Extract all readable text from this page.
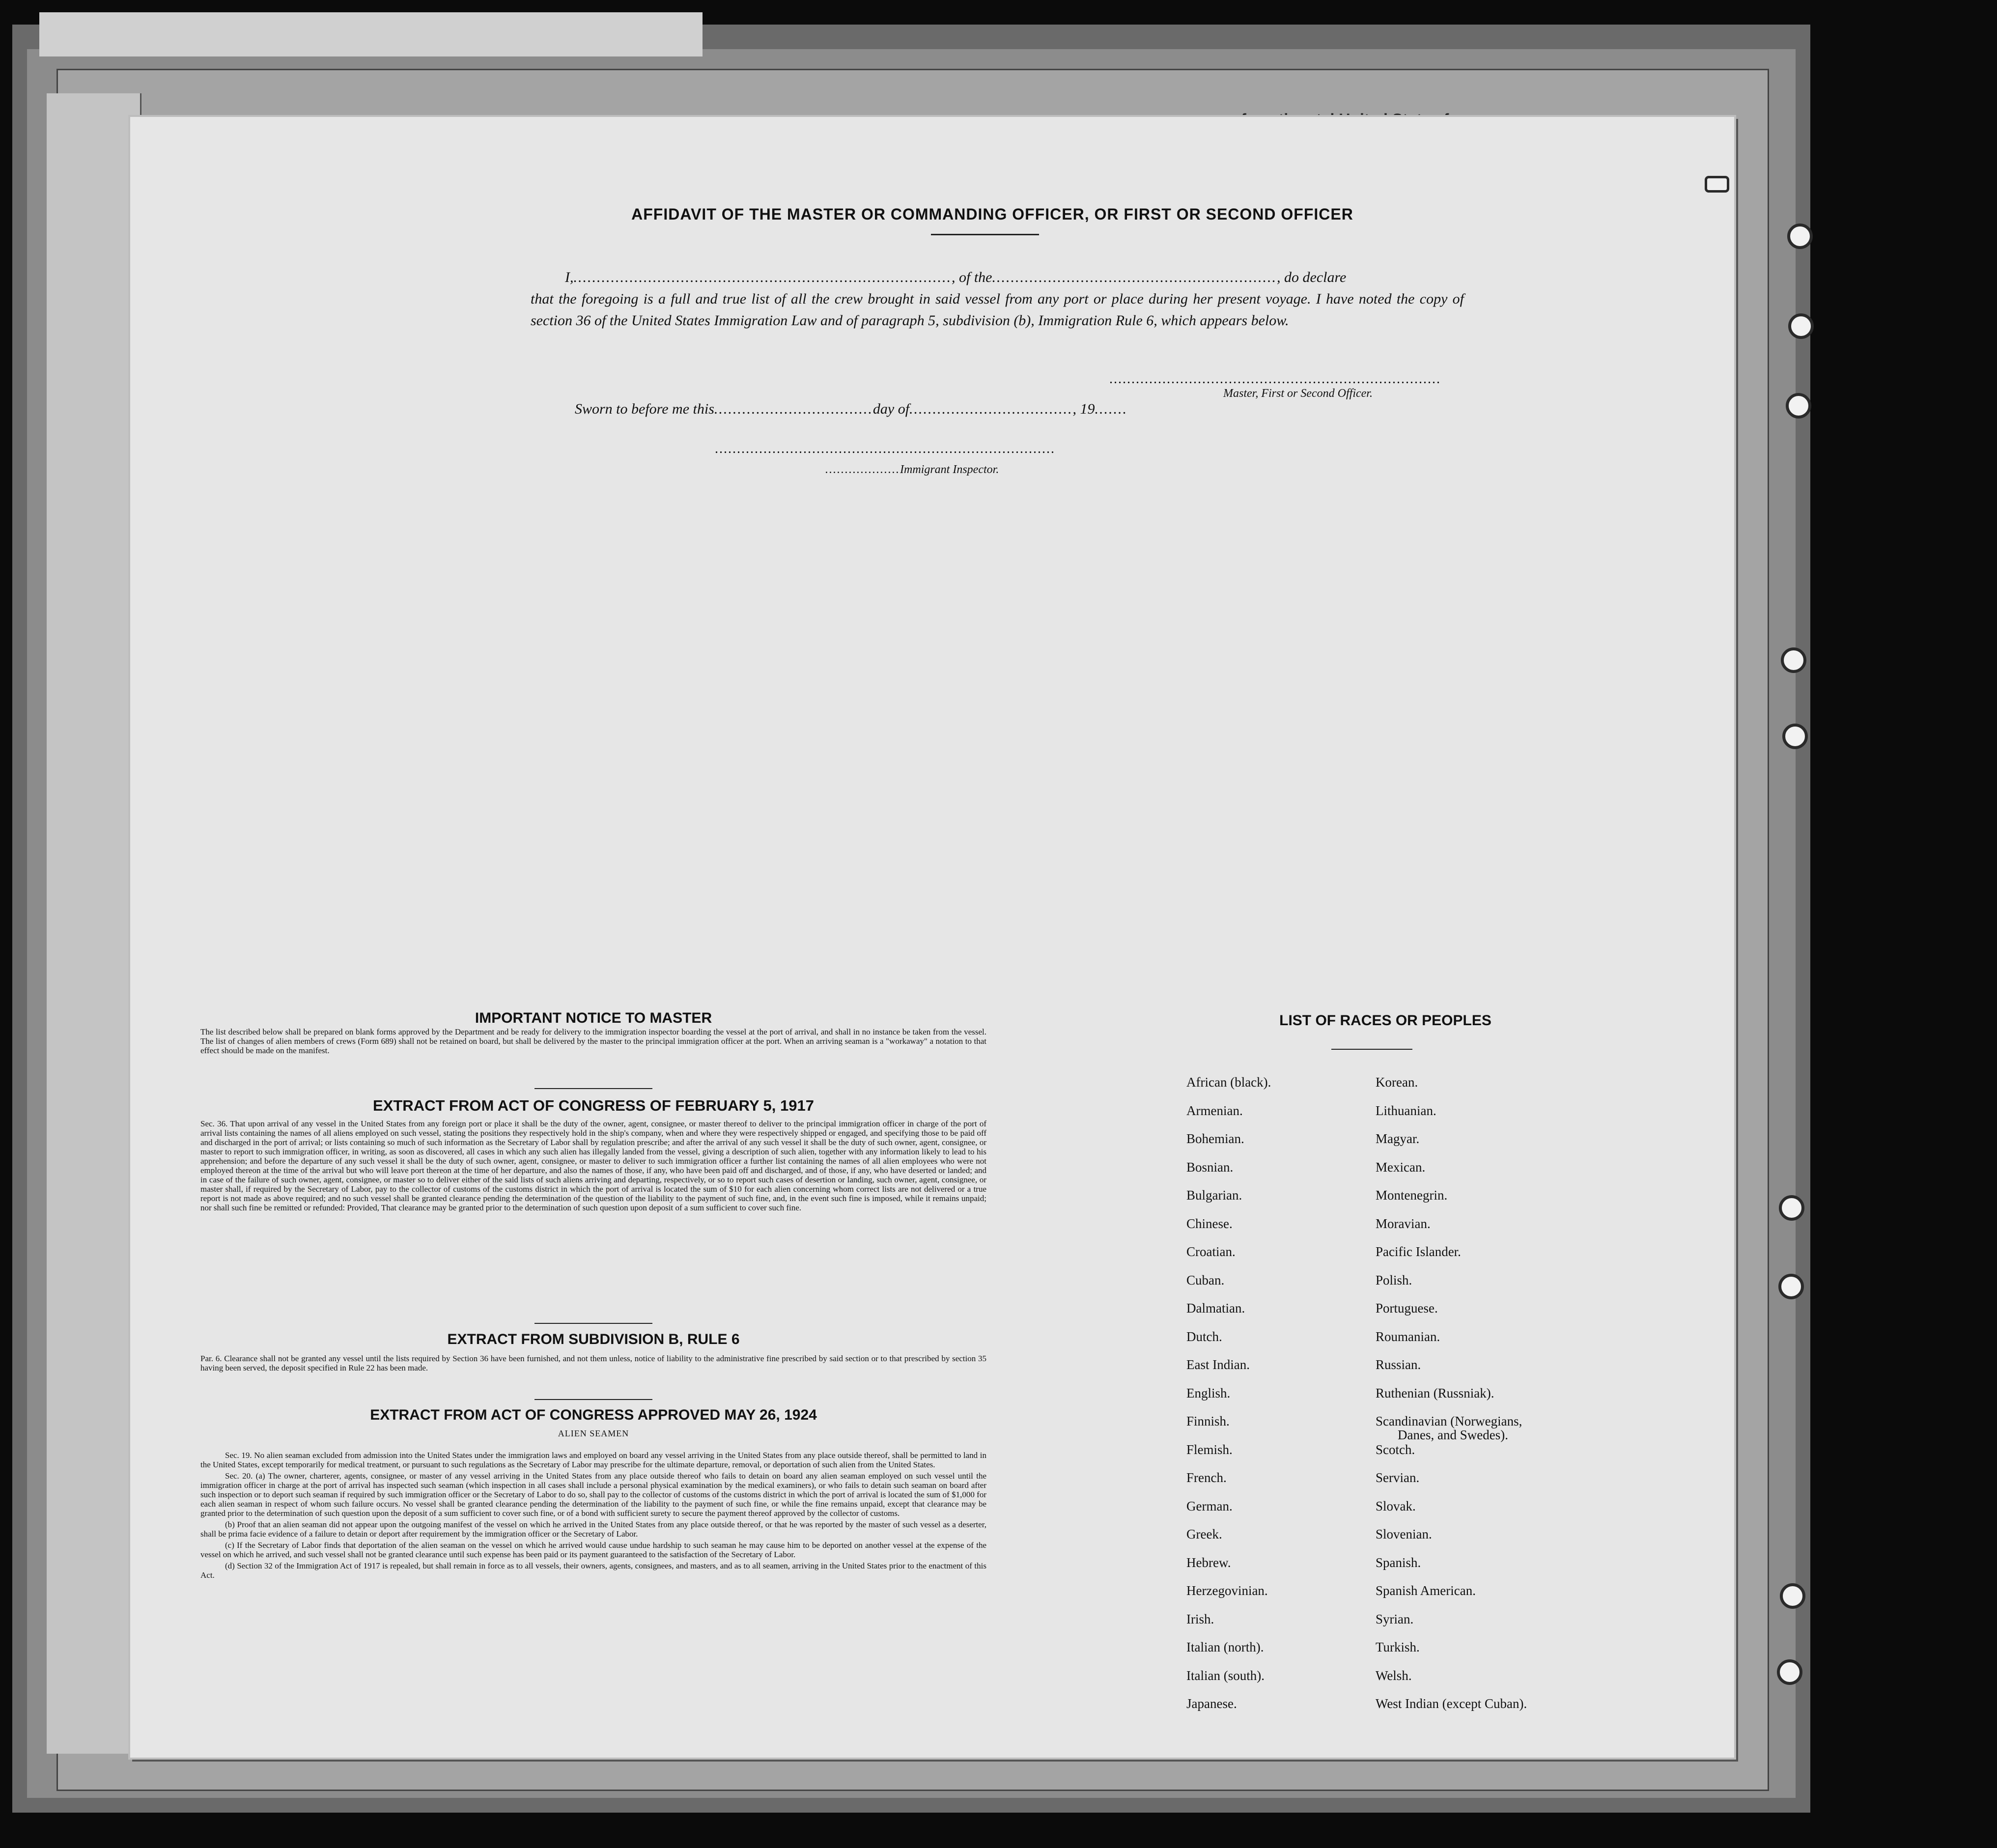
AFFIDAVIT OF THE MASTER OR COMMANDING OFFICER, OR FIRST OR SECOND OFFICER
I,................................................................................., of the............................................................., do declare
that the foregoing is a full and true list of all the crew brought in said vessel from any port or place during her present voyage. I have noted the copy of section 36 of the United States Immigration Law and of paragraph 5, subdivision (b), Immigration Rule 6, which appears below.
...........................................................................
Master, First or Second Officer.
Sworn to before me this..................................day of..................................., 19.......
.............................................................................
...................Immigrant Inspector.
IMPORTANT NOTICE TO MASTER
The list described below shall be prepared on blank forms approved by the Department and be ready for delivery to the immigration inspector boarding the vessel at the port of arrival, and shall in no instance be taken from the vessel. The list of changes of alien members of crews (Form 689) shall not be retained on board, but shall be delivered by the master to the principal immigration officer at the port. When an arriving seaman is a "workaway" a notation to that effect should be made on the manifest.
EXTRACT FROM ACT OF CONGRESS OF FEBRUARY 5, 1917
Sec. 36. That upon arrival of any vessel in the United States from any foreign port or place it shall be the duty of the owner, agent, consignee, or master thereof to deliver to the principal immigration officer in charge of the port of arrival lists containing the names of all aliens employed on such vessel, stating the positions they respectively hold in the ship's company, when and where they were respectively shipped or engaged, and specifying those to be paid off and discharged in the port of arrival; or lists containing so much of such information as the Secretary of Labor shall by regulation prescribe; and after the arrival of any such vessel it shall be the duty of such owner, agent, consignee, or master to report to such immigration officer, in writing, as soon as discovered, all cases in which any such alien has illegally landed from the vessel, giving a description of such alien, together with any information likely to lead to his apprehension; and before the departure of any such vessel it shall be the duty of such owner, agent, consignee, or master to deliver to such immigration officer a further list containing the names of all alien employees who were not employed thereon at the time of the arrival but who will leave port thereon at the time of her departure, and also the names of those, if any, who have been paid off and discharged, and of those, if any, who have deserted or landed; and in case of the failure of such owner, agent, consignee, or master so to deliver either of the said lists of such aliens arriving and departing, respectively, or so to report such cases of desertion or landing, such owner, agent, consignee, or master shall, if required by the Secretary of Labor, pay to the collector of customs of the customs district in which the port of arrival is located the sum of $10 for each alien concerning whom correct lists are not delivered or a true report is not made as above required; and no such vessel shall be granted clearance pending the determination of the question of the liability to the payment of such fine, and, in the event such fine is imposed, while it remains unpaid; nor shall such fine be remitted or refunded: Provided, That clearance may be granted prior to the determination of such question upon deposit of a sum sufficient to cover such fine.
EXTRACT FROM SUBDIVISION B, RULE 6
Par. 6. Clearance shall not be granted any vessel until the lists required by Section 36 have been furnished, and not them unless, notice of liability to the administrative fine prescribed by said section or to that prescribed by section 35 having been served, the deposit specified in Rule 22 has been made.
EXTRACT FROM ACT OF CONGRESS APPROVED MAY 26, 1924
ALIEN SEAMEN

Sec. 19. No alien seaman excluded from admission into the United States under the immigration laws and employed on board any vessel arriving in the United States from any place outside thereof, shall be permitted to land in the United States, except temporarily for medical treatment, or pursuant to such regulations as the Secretary of Labor may prescribe for the ultimate departure, removal, or deportation of such alien from the United States.

Sec. 20. (a) The owner, charterer, agents, consignee, or master of any vessel arriving in the United States from any place outside thereof who fails to detain on board any alien seaman employed on such vessel until the immigration officer in charge at the port of arrival has inspected such seaman (which inspection in all cases shall include a personal physical examination by the medical examiners), or who fails to detain such seaman on board after such inspection or to deport such seaman if required by such immigration officer or the Secretary of Labor to do so, shall pay to the collector of customs of the customs district in which the port of arrival is located the sum of $1,000 for each alien seaman in respect of whom such failure occurs. No vessel shall be granted clearance pending the determination of the liability to the payment of such fine, or while the fine remains unpaid, except that clearance may be granted prior to the determination of such question upon the deposit of a sum sufficient to cover such fine, or of a bond with sufficient surety to secure the payment thereof approved by the collector of customs.

(b) Proof that an alien seaman did not appear upon the outgoing manifest of the vessel on which he arrived in the United States from any place outside thereof, or that he was reported by the master of such vessel as a deserter, shall be prima facie evidence of a failure to detain or deport after requirement by the immigration officer or the Secretary of Labor.

(c) If the Secretary of Labor finds that deportation of the alien seaman on the vessel on which he arrived would cause undue hardship to such seaman he may cause him to be deported on another vessel at the expense of the vessel on which he arrived, and such vessel shall not be granted clearance until such expense has been paid or its payment guaranteed to the satisfaction of the Secretary of Labor.

(d) Section 32 of the Immigration Act of 1917 is repealed, but shall remain in force as to all vessels, their owners, agents, consignees, and masters, and as to all seamen, arriving in the United States prior to the enactment of this Act.

LIST OF RACES OR PEOPLES
African (black).
Armenian.
Bohemian.
Bosnian.
Bulgarian.
Chinese.
Croatian.
Cuban.
Dalmatian.
Dutch.
East Indian.
English.
Finnish.
Flemish.
French.
German.
Greek.
Hebrew.
Herzegovinian.
Irish.
Italian (north).
Italian (south).
Japanese.
Korean.
Lithuanian.
Magyar.
Mexican.
Montenegrin.
Moravian.
Pacific Islander.
Polish.
Portuguese.
Roumanian.
Russian.
Ruthenian (Russniak).
Scandinavian (Norwegians,
Danes, and Swedes).
Scotch.
Servian.
Slovak.
Slovenian.
Spanish.
Spanish American.
Syrian.
Turkish.
Welsh.
West Indian (except Cuban).
